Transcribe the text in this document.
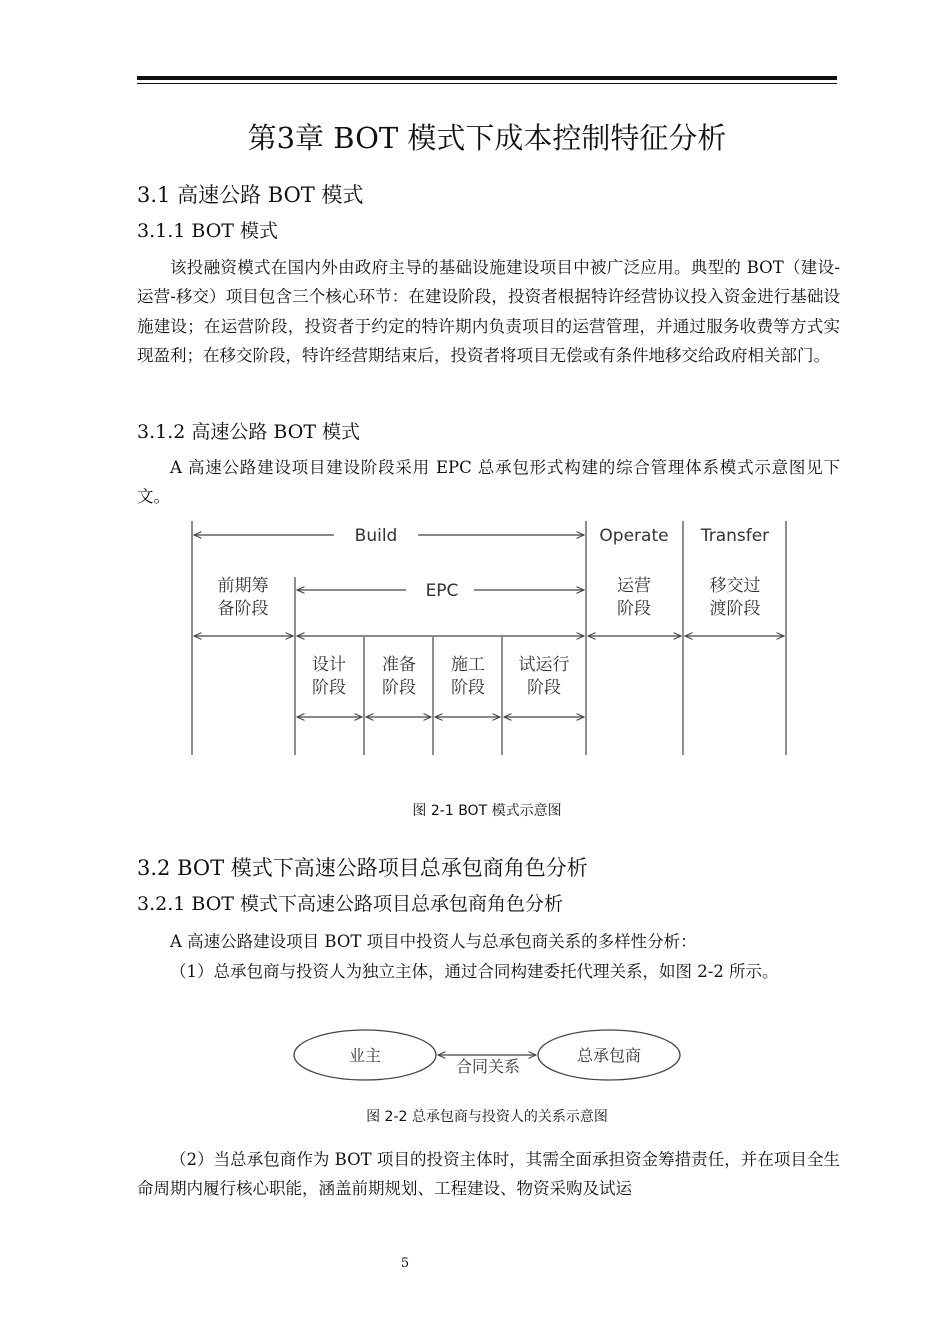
第3章 BOT 模式下成本控制特征分析
3.1 高速公路 BOT 模式
3.1.1 BOT 模式
该投融资模式在国内外由政府主导的基础设施建设项目中被广泛应用。典型的 BOT（建设-运营-移交）项目包含三个核心环节：在建设阶段，投资者根据特许经营协议投入资金进行基础设施建设；在运营阶段，投资者于约定的特许期内负责项目的运营管理，并通过服务收费等方式实现盈利；在移交阶段，特许经营期结束后，投资者将项目无偿或有条件地移交给政府相关部门。
3.1.2 高速公路 BOT 模式
A 高速公路建设项目建设阶段采用 EPC 总承包形式构建的综合管理体系模式示意图见下文。
Build	Operate Transfer
EPC
前期筹
备阶段
运营
阶段
移交过
渡阶段
设计
阶段
准备
阶段
施工
阶段
试运行
阶段
图 2-1 BOT 模式示意图
3.2 BOT 模式下高速公路项目总承包商角色分析
3.2.1 BOT 模式下高速公路项目总承包商角色分析
A 高速公路建设项目 BOT 项目中投资人与总承包商关系的多样性分析：
（1）总承包商与投资人为独立主体，通过合同构建委托代理关系，如图 2-2 所示。
业主	总承包商
合同关系
图 2-2 总承包商与投资人的关系示意图
（2）当总承包商作为 BOT 项目的投资主体时，其需全面承担资金筹措责任，并在项目全生命周期内履行核心职能，涵盖前期规划、工程建设、物资采购及试运
5
